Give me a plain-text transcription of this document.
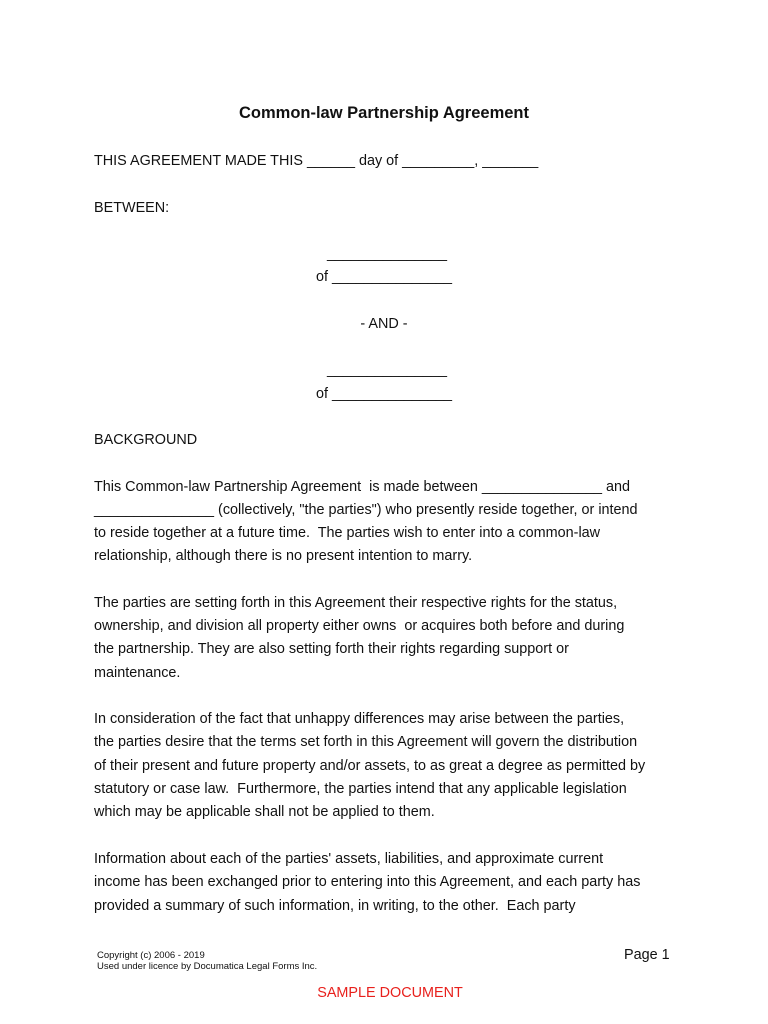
Common-law Partnership Agreement
THIS AGREEMENT MADE THIS ______ day of _________, _______
BETWEEN:
_______________
of _______________
- AND -
_______________
of _______________
BACKGROUND
This Common-law Partnership Agreement  is made between _______________ and
_______________ (collectively, "the parties") who presently reside together, or intend
to reside together at a future time.  The parties wish to enter into a common-law
relationship, although there is no present intention to marry.
The parties are setting forth in this Agreement their respective rights for the status,
ownership, and division all property either owns  or acquires both before and during
the partnership. They are also setting forth their rights regarding support or
maintenance.
In consideration of the fact that unhappy differences may arise between the parties,
the parties desire that the terms set forth in this Agreement will govern the distribution
of their present and future property and/or assets, to as great a degree as permitted by
statutory or case law.  Furthermore, the parties intend that any applicable legislation
which may be applicable shall not be applied to them.
Information about each of the parties' assets, liabilities, and approximate current
income has been exchanged prior to entering into this Agreement, and each party has
provided a summary of such information, in writing, to the other.  Each party
Copyright (c) 2006 - 2019
Used under licence by Documatica Legal Forms Inc.
Page 1
SAMPLE DOCUMENT
